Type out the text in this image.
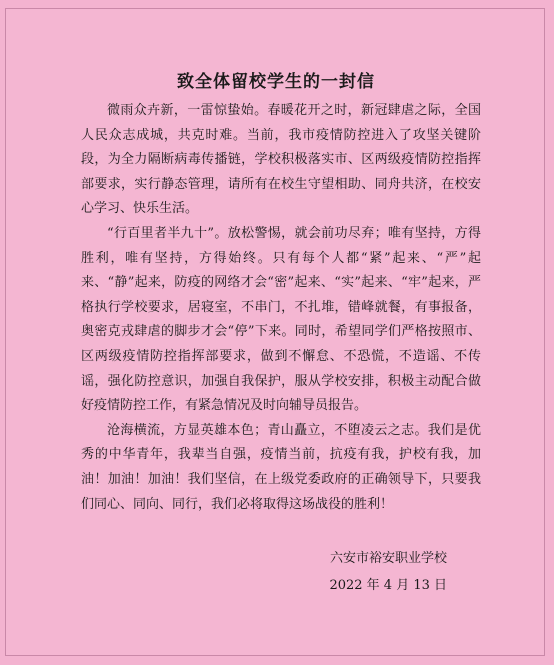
致全体留校学生的一封信

微雨众卉新，一雷惊蛰始。春暖花开之时，新冠肆虐之际，全国人民众志成城，共克时难。当前，我市疫情防控进入了攻坚关键阶段，为全力隔断病毒传播链，学校积极落实市、区两级疫情防控指挥部要求，实行静态管理，请所有在校生守望相助、同舟共济，在校安心学习、快乐生活。

“行百里者半九十”。放松警惕，就会前功尽弃；唯有坚持，方得胜利，唯有坚持，方得始终。只有每个人都“紧”起来、“严”起来、“静”起来，防疫的网络才会“密”起来、“实”起来、“牢”起来，严格执行学校要求，居寝室，不串门，不扎堆，错峰就餐，有事报备，奥密克戎肆虐的脚步才会“停”下来。同时，希望同学们严格按照市、区两级疫情防控指挥部要求，做到不懈怠、不恐慌，不造谣、不传谣，强化防控意识，加强自我保护，服从学校安排，积极主动配合做好疫情防控工作，有紧急情况及时向辅导员报告。

沧海横流，方显英雄本色；青山矗立，不堕凌云之志。我们是优秀的中华青年，我辈当自强，疫情当前，抗疫有我，护校有我，加油！加油！加油！我们坚信，在上级党委政府的正确领导下，只要我们同心、同向、同行，我们必将取得这场战役的胜利！

六安市裕安职业学校
2022 年 4 月 13 日
